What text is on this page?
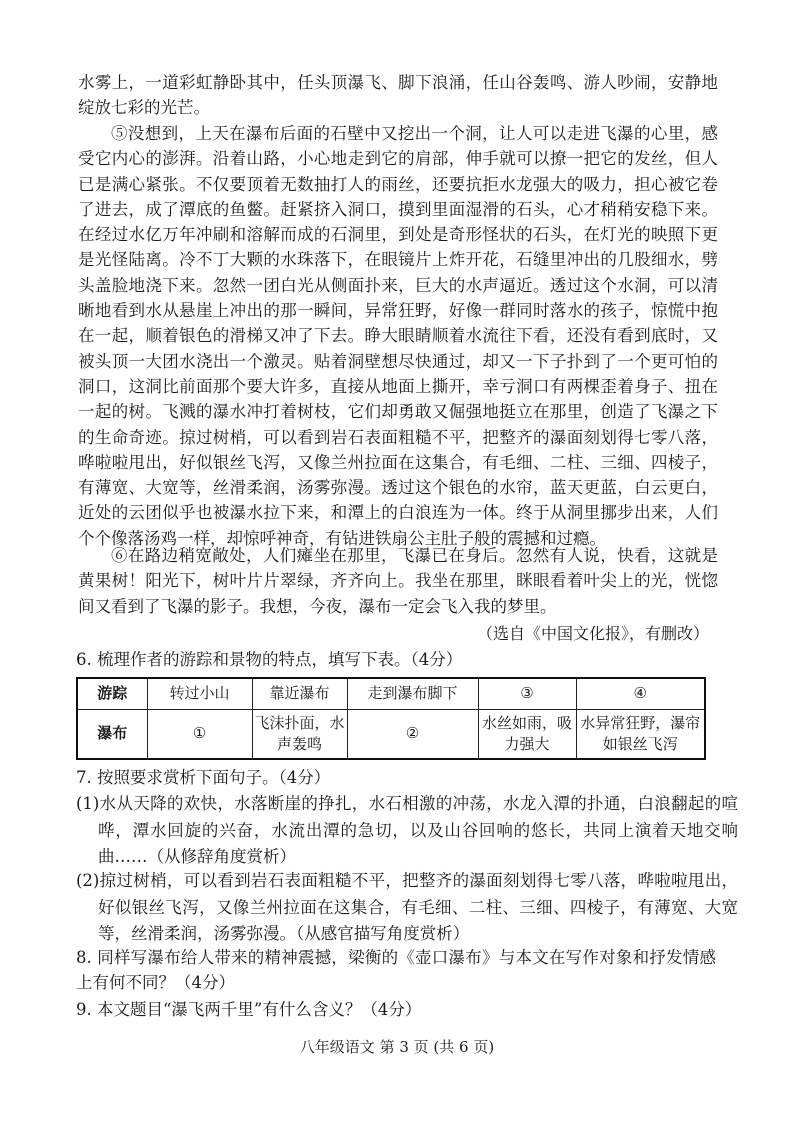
水雾上，一道彩虹静卧其中，任头顶瀑飞、脚下浪涌，任山谷轰鸣、游人吵闹，安静地绽放七彩的光芒。

⑤没想到，上天在瀑布后面的石壁中又挖出一个洞，让人可以走进飞瀑的心里，感受它内心的澎湃。沿着山路，小心地走到它的肩部，伸手就可以撩一把它的发丝，但人已是满心紧张。不仅要顶着无数抽打人的雨丝，还要抗拒水龙强大的吸力，担心被它卷了进去，成了潭底的鱼鳖。赶紧挤入洞口，摸到里面湿滑的石头，心才稍稍安稳下来。在经过水亿万年冲刷和溶解而成的石洞里，到处是奇形怪状的石头，在灯光的映照下更是光怪陆离。冷不丁大颗的水珠落下，在眼镜片上炸开花，石缝里冲出的几股细水，劈头盖脸地浇下来。忽然一团白光从侧面扑来，巨大的水声逼近。透过这个水洞，可以清晰地看到水从悬崖上冲出的那一瞬间，异常狂野，好像一群同时落水的孩子，惊慌中抱在一起，顺着银色的滑梯又冲了下去。睁大眼睛顺着水流往下看，还没有看到底时，又被头顶一大团水浇出一个激灵。贴着洞壁想尽快通过，却又一下子扑到了一个更可怕的洞口，这洞比前面那个要大许多，直接从地面上撕开，幸亏洞口有两棵歪着身子、扭在一起的树。飞溅的瀑水冲打着树枝，它们却勇敢又倔强地挺立在那里，创造了飞瀑之下的生命奇迹。掠过树梢，可以看到岩石表面粗糙不平，把整齐的瀑面刻划得七零八落，哗啦啦甩出，好似银丝飞泻，又像兰州拉面在这集合，有毛细、二柱、三细、四棱子，有薄宽、大宽等，丝滑柔润，汤雾弥漫。透过这个银色的水帘，蓝天更蓝，白云更白，近处的云团似乎也被瀑水拉下来，和潭上的白浪连为一体。终于从洞里挪步出来，人们个个像落汤鸡一样，却惊呼神奇，有钻进铁扇公主肚子般的震撼和过瘾。

⑥在路边稍宽敞处，人们瘫坐在那里，飞瀑已在身后。忽然有人说，快看，这就是黄果树！阳光下，树叶片片翠绿，齐齐向上。我坐在那里，眯眼看着叶尖上的光，恍惚间又看到了飞瀑的影子。我想，今夜，瀑布一定会飞入我的梦里。

（选自《中国文化报》，有删改）

6. 梳理作者的游踪和景物的特点，填写下表。（4分）

游踪	转过小山	靠近瀑布	走到瀑布脚下	③	④
瀑布	①	飞沫扑面，水声轰鸣	②	水丝如雨，吸力强大	水异常狂野，瀑帘如银丝飞泻

7. 按照要求赏析下面句子。（4分）

(1)水从天降的欢快，水落断崖的挣扎，水石相激的冲荡，水龙入潭的扑通，白浪翻起的喧哗，潭水回旋的兴奋，水流出潭的急切，以及山谷回响的悠长，共同上演着天地交响曲……（从修辞角度赏析）

(2)掠过树梢，可以看到岩石表面粗糙不平，把整齐的瀑面刻划得七零八落，哗啦啦甩出，好似银丝飞泻，又像兰州拉面在这集合，有毛细、二柱、三细、四棱子，有薄宽、大宽等，丝滑柔润，汤雾弥漫。（从感官描写角度赏析）

8. 同样写瀑布给人带来的精神震撼，梁衡的《壶口瀑布》与本文在写作对象和抒发情感上有何不同？（4分）

9. 本文题目“瀑飞两千里”有什么含义？（4分）

八年级语文 第 3 页 (共 6 页)
